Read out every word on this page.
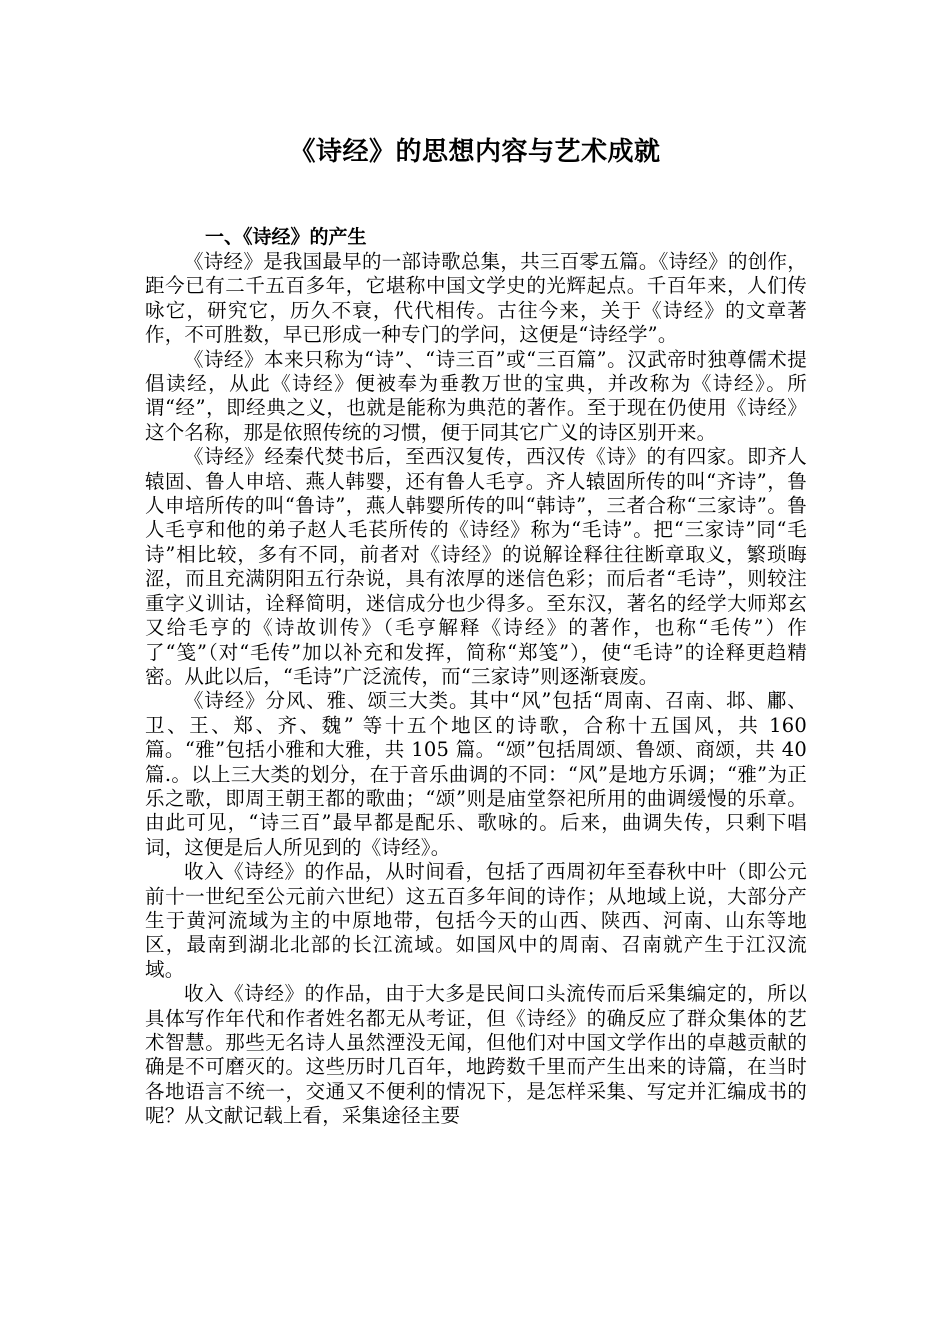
《诗经》的思想内容与艺术成就
一、《诗经》的产生

《诗经》是我国最早的一部诗歌总集，共三百零五篇。《诗经》的创作，距今已有二千五百多年，它堪称中国文学史的光辉起点。千百年来，人们传咏它，研究它，历久不衰，代代相传。古往今来，关于《诗经》的文章著作，不可胜数，早已形成一种专门的学问，这便是“诗经学”。

《诗经》本来只称为“诗”、“诗三百”或“三百篇”。汉武帝时独尊儒术提倡读经，从此《诗经》便被奉为垂教万世的宝典，并改称为《诗经》。所谓“经”，即经典之义，也就是能称为典范的著作。至于现在仍使用《诗经》这个名称，那是依照传统的习惯，便于同其它广义的诗区别开来。

《诗经》经秦代焚书后，至西汉复传，西汉传《诗》的有四家。即齐人辕固、鲁人申培、燕人韩婴，还有鲁人毛亨。齐人辕固所传的叫“齐诗”，鲁人申培所传的叫“鲁诗”，燕人韩婴所传的叫“韩诗”，三者合称“三家诗”。鲁人毛亨和他的弟子赵人毛苌所传的《诗经》称为“毛诗”。把“三家诗”同“毛诗”相比较，多有不同，前者对《诗经》的说解诠释往往断章取义，繁琐晦涩，而且充满阴阳五行杂说，具有浓厚的迷信色彩；而后者“毛诗”，则较注重字义训诂，诠释简明，迷信成分也少得多。至东汉，著名的经学大师郑玄又给毛亨的《诗故训传》（毛亨解释《诗经》的著作，也称“毛传”）作了“笺”（对“毛传”加以补充和发挥，简称“郑笺”），使“毛诗”的诠释更趋精密。从此以后，“毛诗”广泛流传，而“三家诗”则逐渐衰废。

《诗经》分风、雅、颂三大类。其中“风”包括“周南、召南、邶、鄘、卫、王、郑、齐、魏” 等十五个地区的诗歌，合称十五国风，共 160 篇。“雅”包括小雅和大雅，共 105 篇。“颂”包括周颂、鲁颂、商颂，共 40 篇.。以上三大类的划分，在于音乐曲调的不同：“风”是地方乐调；“雅”为正乐之歌，即周王朝王都的歌曲；“颂”则是庙堂祭祀所用的曲调缓慢的乐章。由此可见，“诗三百”最早都是配乐、歌咏的。后来，曲调失传，只剩下唱词，这便是后人所见到的《诗经》。

收入《诗经》的作品，从时间看，包括了西周初年至春秋中叶（即公元前十一世纪至公元前六世纪）这五百多年间的诗作；从地域上说，大部分产生于黄河流域为主的中原地带，包括今天的山西、陕西、河南、山东等地区，最南到湖北北部的长江流域。如国风中的周南、召南就产生于江汉流域。

收入《诗经》的作品，由于大多是民间口头流传而后采集编定的，所以具体写作年代和作者姓名都无从考证，但《诗经》的确反应了群众集体的艺术智慧。那些无名诗人虽然湮没无闻，但他们对中国文学作出的卓越贡献的确是不可磨灭的。这些历时几百年，地跨数千里而产生出来的诗篇，在当时各地语言不统一，交通又不便利的情况下，是怎样采集、写定并汇编成书的呢？从文献记载上看，采集途径主要
